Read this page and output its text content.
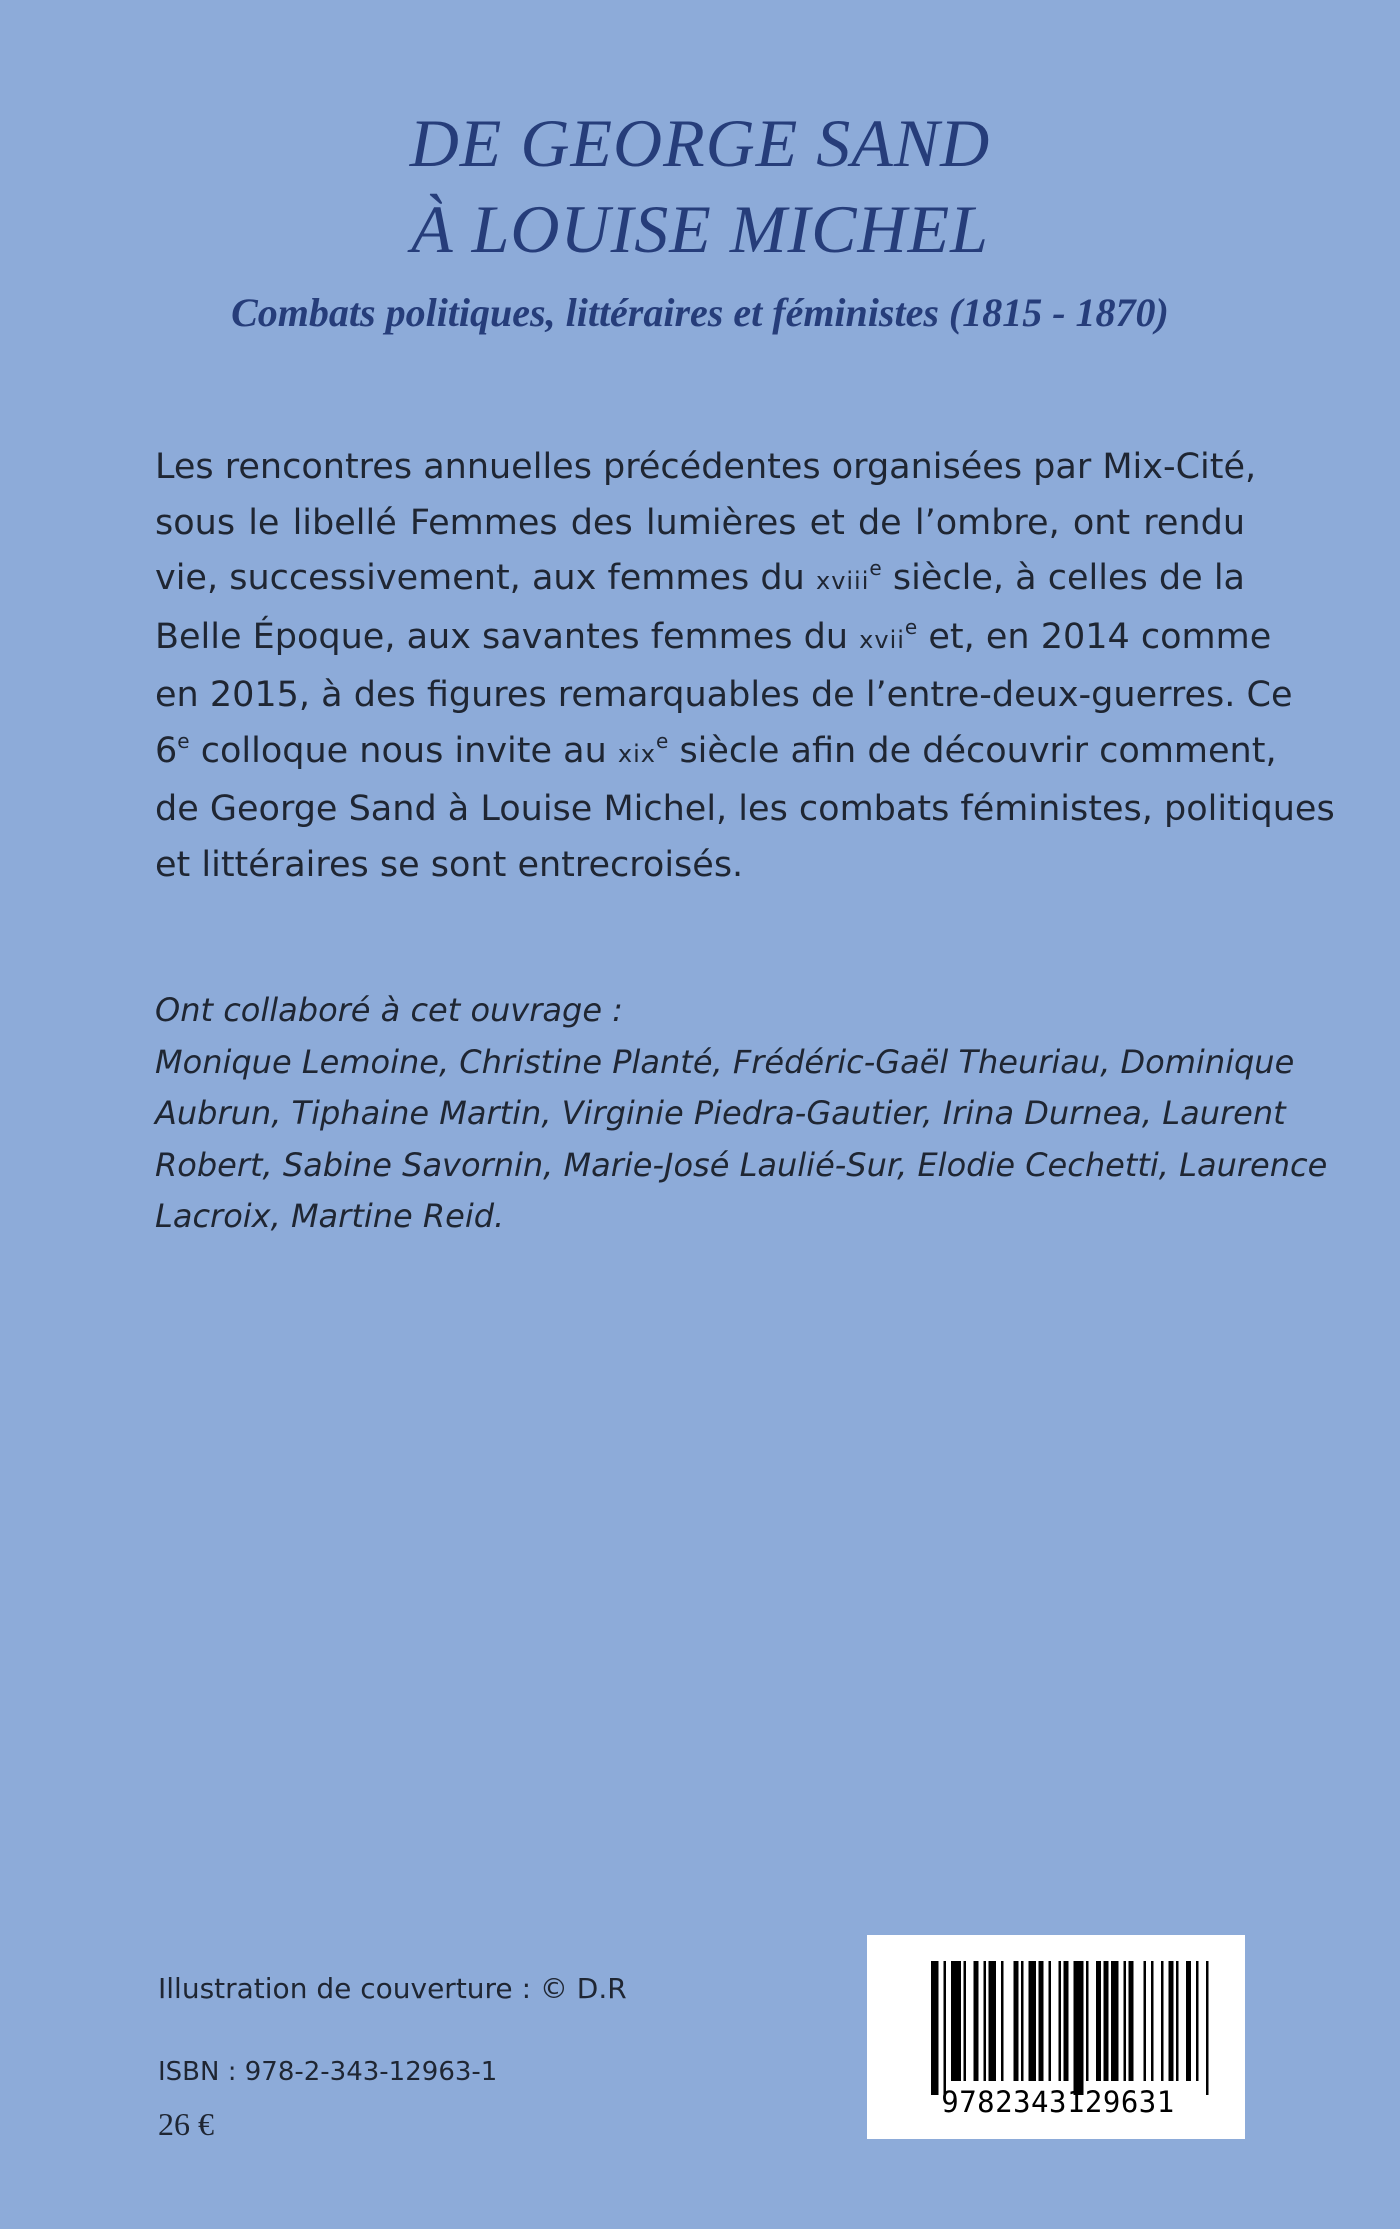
DE GEORGE SAND
À LOUISE MICHEL
Combats politiques, littéraires et féministes (1815 - 1870)
Les rencontres annuelles précédentes organisées par Mix-Cité,
sous le libellé Femmes des lumières et de l’ombre, ont rendu
vie, successivement, aux femmes du xviii$^e$ siècle, à celles de la
Belle Époque, aux savantes femmes du xvii$^e$ et, en 2014 comme
en 2015, à des figures remarquables de l’entre-deux-guerres. Ce
6e colloque nous invite au xix$^e$ siècle afin de découvrir comment,
de George Sand à Louise Michel, les combats féministes, politiques
et littéraires se sont entrecroisés.
Ont collaboré à cet ouvrage :
Monique Lemoine, Christine Planté, Frédéric-Gaël Theuriau, Dominique
Aubrun, Tiphaine Martin, Virginie Piedra-Gautier, Irina Durnea, Laurent
Robert, Sabine Savornin, Marie-José Laulié-Sur, Elodie Cechetti, Laurence
Lacroix, Martine Reid.
Illustration de couverture : © D.R
ISBN : 978-2-343-12963-1
26 €
9782343129631
